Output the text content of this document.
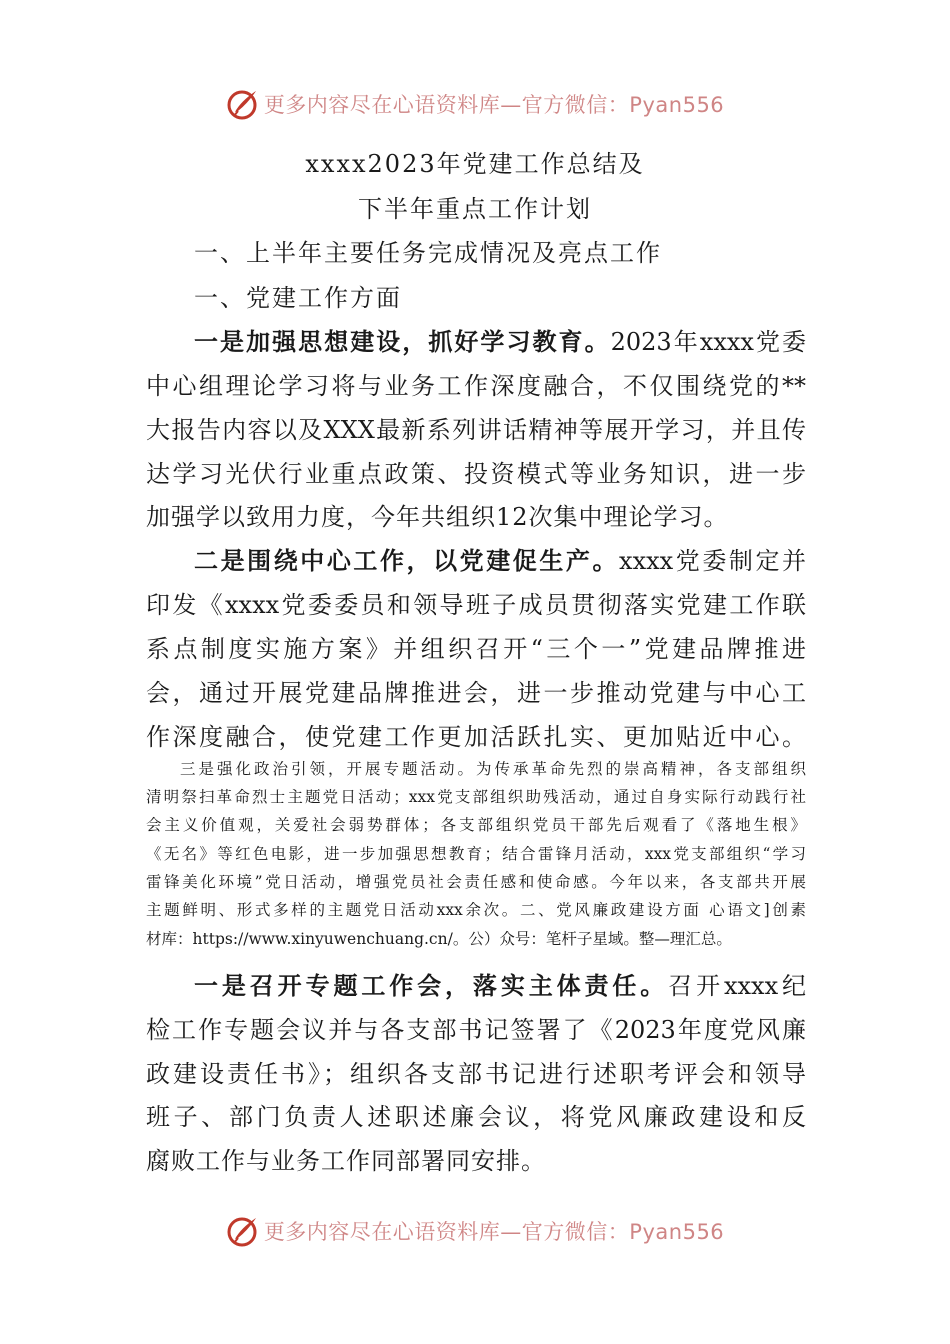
更多内容尽在心语资料库—官方微信：Pyan556
xxxx2023年党建工作总结及
下半年重点工作计划
一、上半年主要任务完成情况及亮点工作
一、党建工作方面
一是加强思想建设，抓好学习教育。2023年xxxx党委
中心组理论学习将与业务工作深度融合，不仅围绕党的**
大报告内容以及XXX最新系列讲话精神等展开学习，并且传
达学习光伏行业重点政策、投资模式等业务知识，进一步
加强学以致用力度，今年共组织12次集中理论学习。
二是围绕中心工作，以党建促生产。xxxx党委制定并
印发《xxxx党委委员和领导班子成员贯彻落实党建工作联
系点制度实施方案》并组织召开“三个一”党建品牌推进
会，通过开展党建品牌推进会，进一步推动党建与中心工
作深度融合，使党建工作更加活跃扎实、更加贴近中心。
三是强化政治引领，开展专题活动。为传承革命先烈的崇高精神，各支部组织
清明祭扫革命烈士主题党日活动；xxx党支部组织助残活动，通过自身实际行动践行社
会主义价值观，关爱社会弱势群体；各支部组织党员干部先后观看了《落地生根》
《无名》等红色电影，进一步加强思想教育；结合雷锋月活动，xxx党支部组织“学习
雷锋美化环境”党日活动，增强党员社会责任感和使命感。今年以来，各支部共开展
主题鲜明、形式多样的主题党日活动xxx余次。二、党风廉政建设方面 心语文]创素
材库：https://www.xinyuwenchuang.cn/。公）众号：笔杆子星域。整—理汇总。
一是召开专题工作会，落实主体责任。召开xxxx纪
检工作专题会议并与各支部书记签署了《2023年度党风廉
政建设责任书》；组织各支部书记进行述职考评会和领导
班子、部门负责人述职述廉会议，将党风廉政建设和反
腐败工作与业务工作同部署同安排。
更多内容尽在心语资料库—官方微信：Pyan556
